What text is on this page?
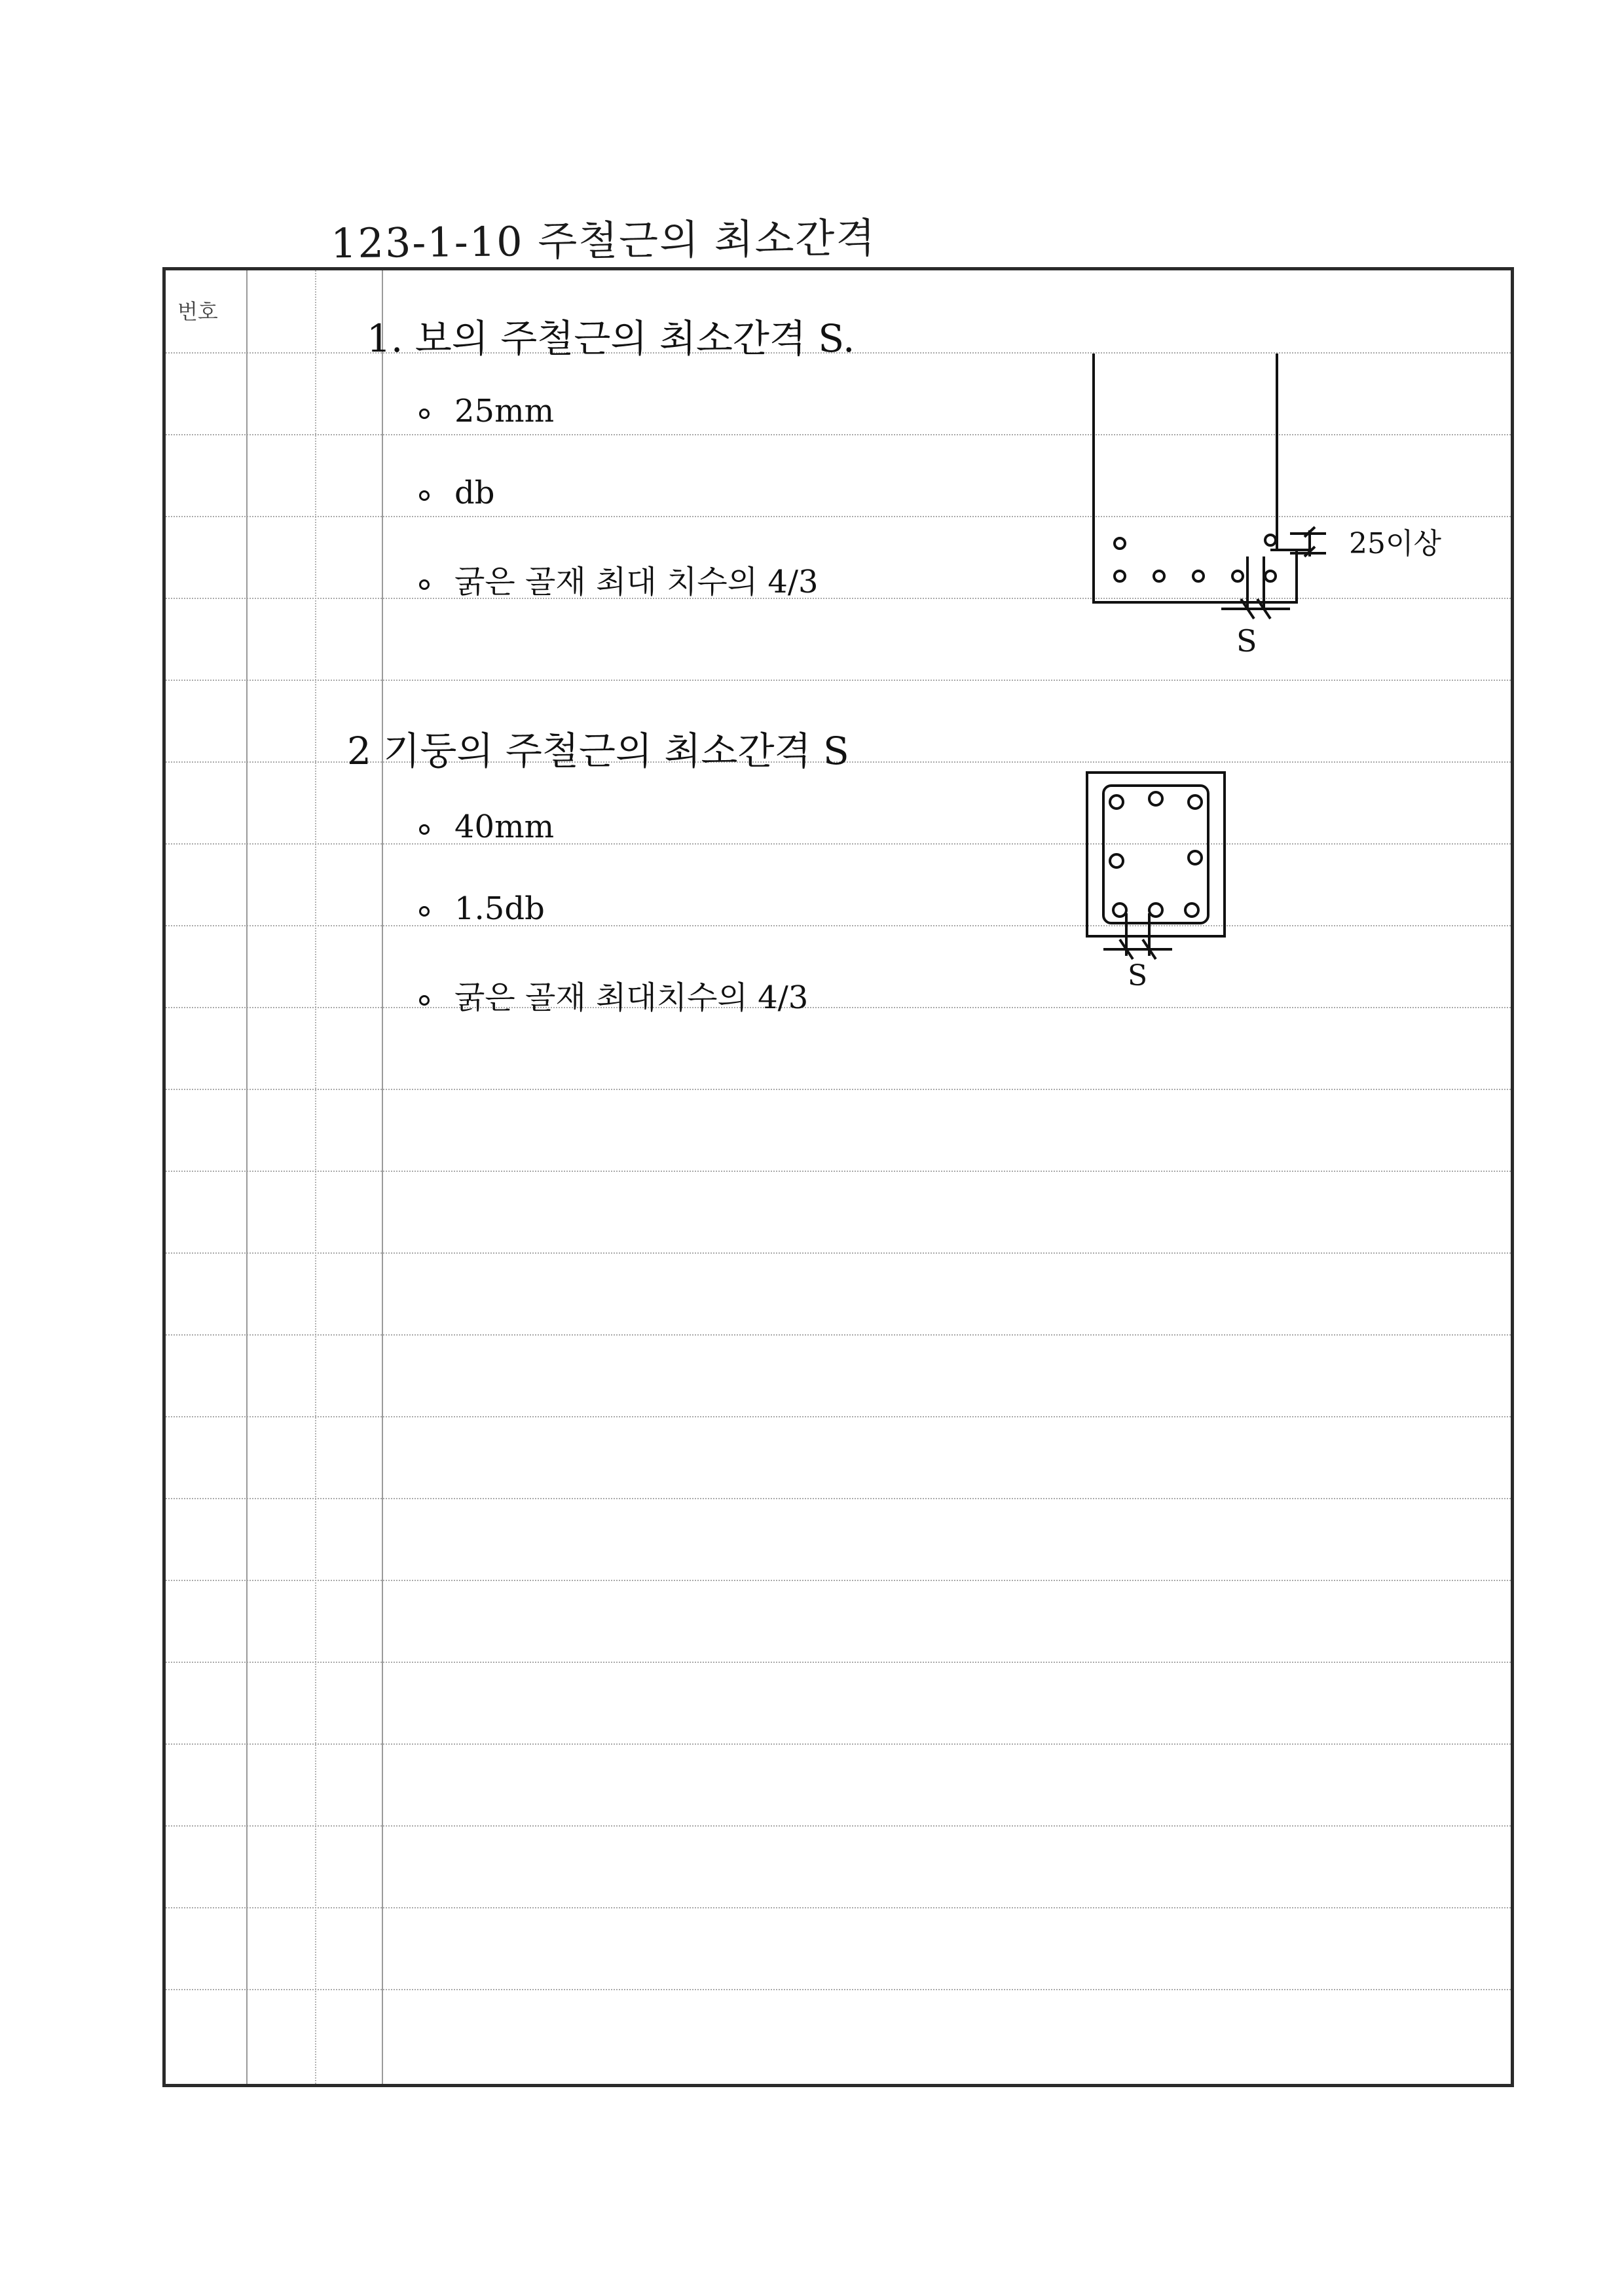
123-1-10 주철근의 최소간격
번호
1. 보의 주철근의 최소간격 S.
25mm
db
굵은 골재 최대 치수의 4/3
S
25이상
2 기둥의 주철근의 최소간격 S
40mm
1.5db
굵은 골재 최대치수의 4/3
S
